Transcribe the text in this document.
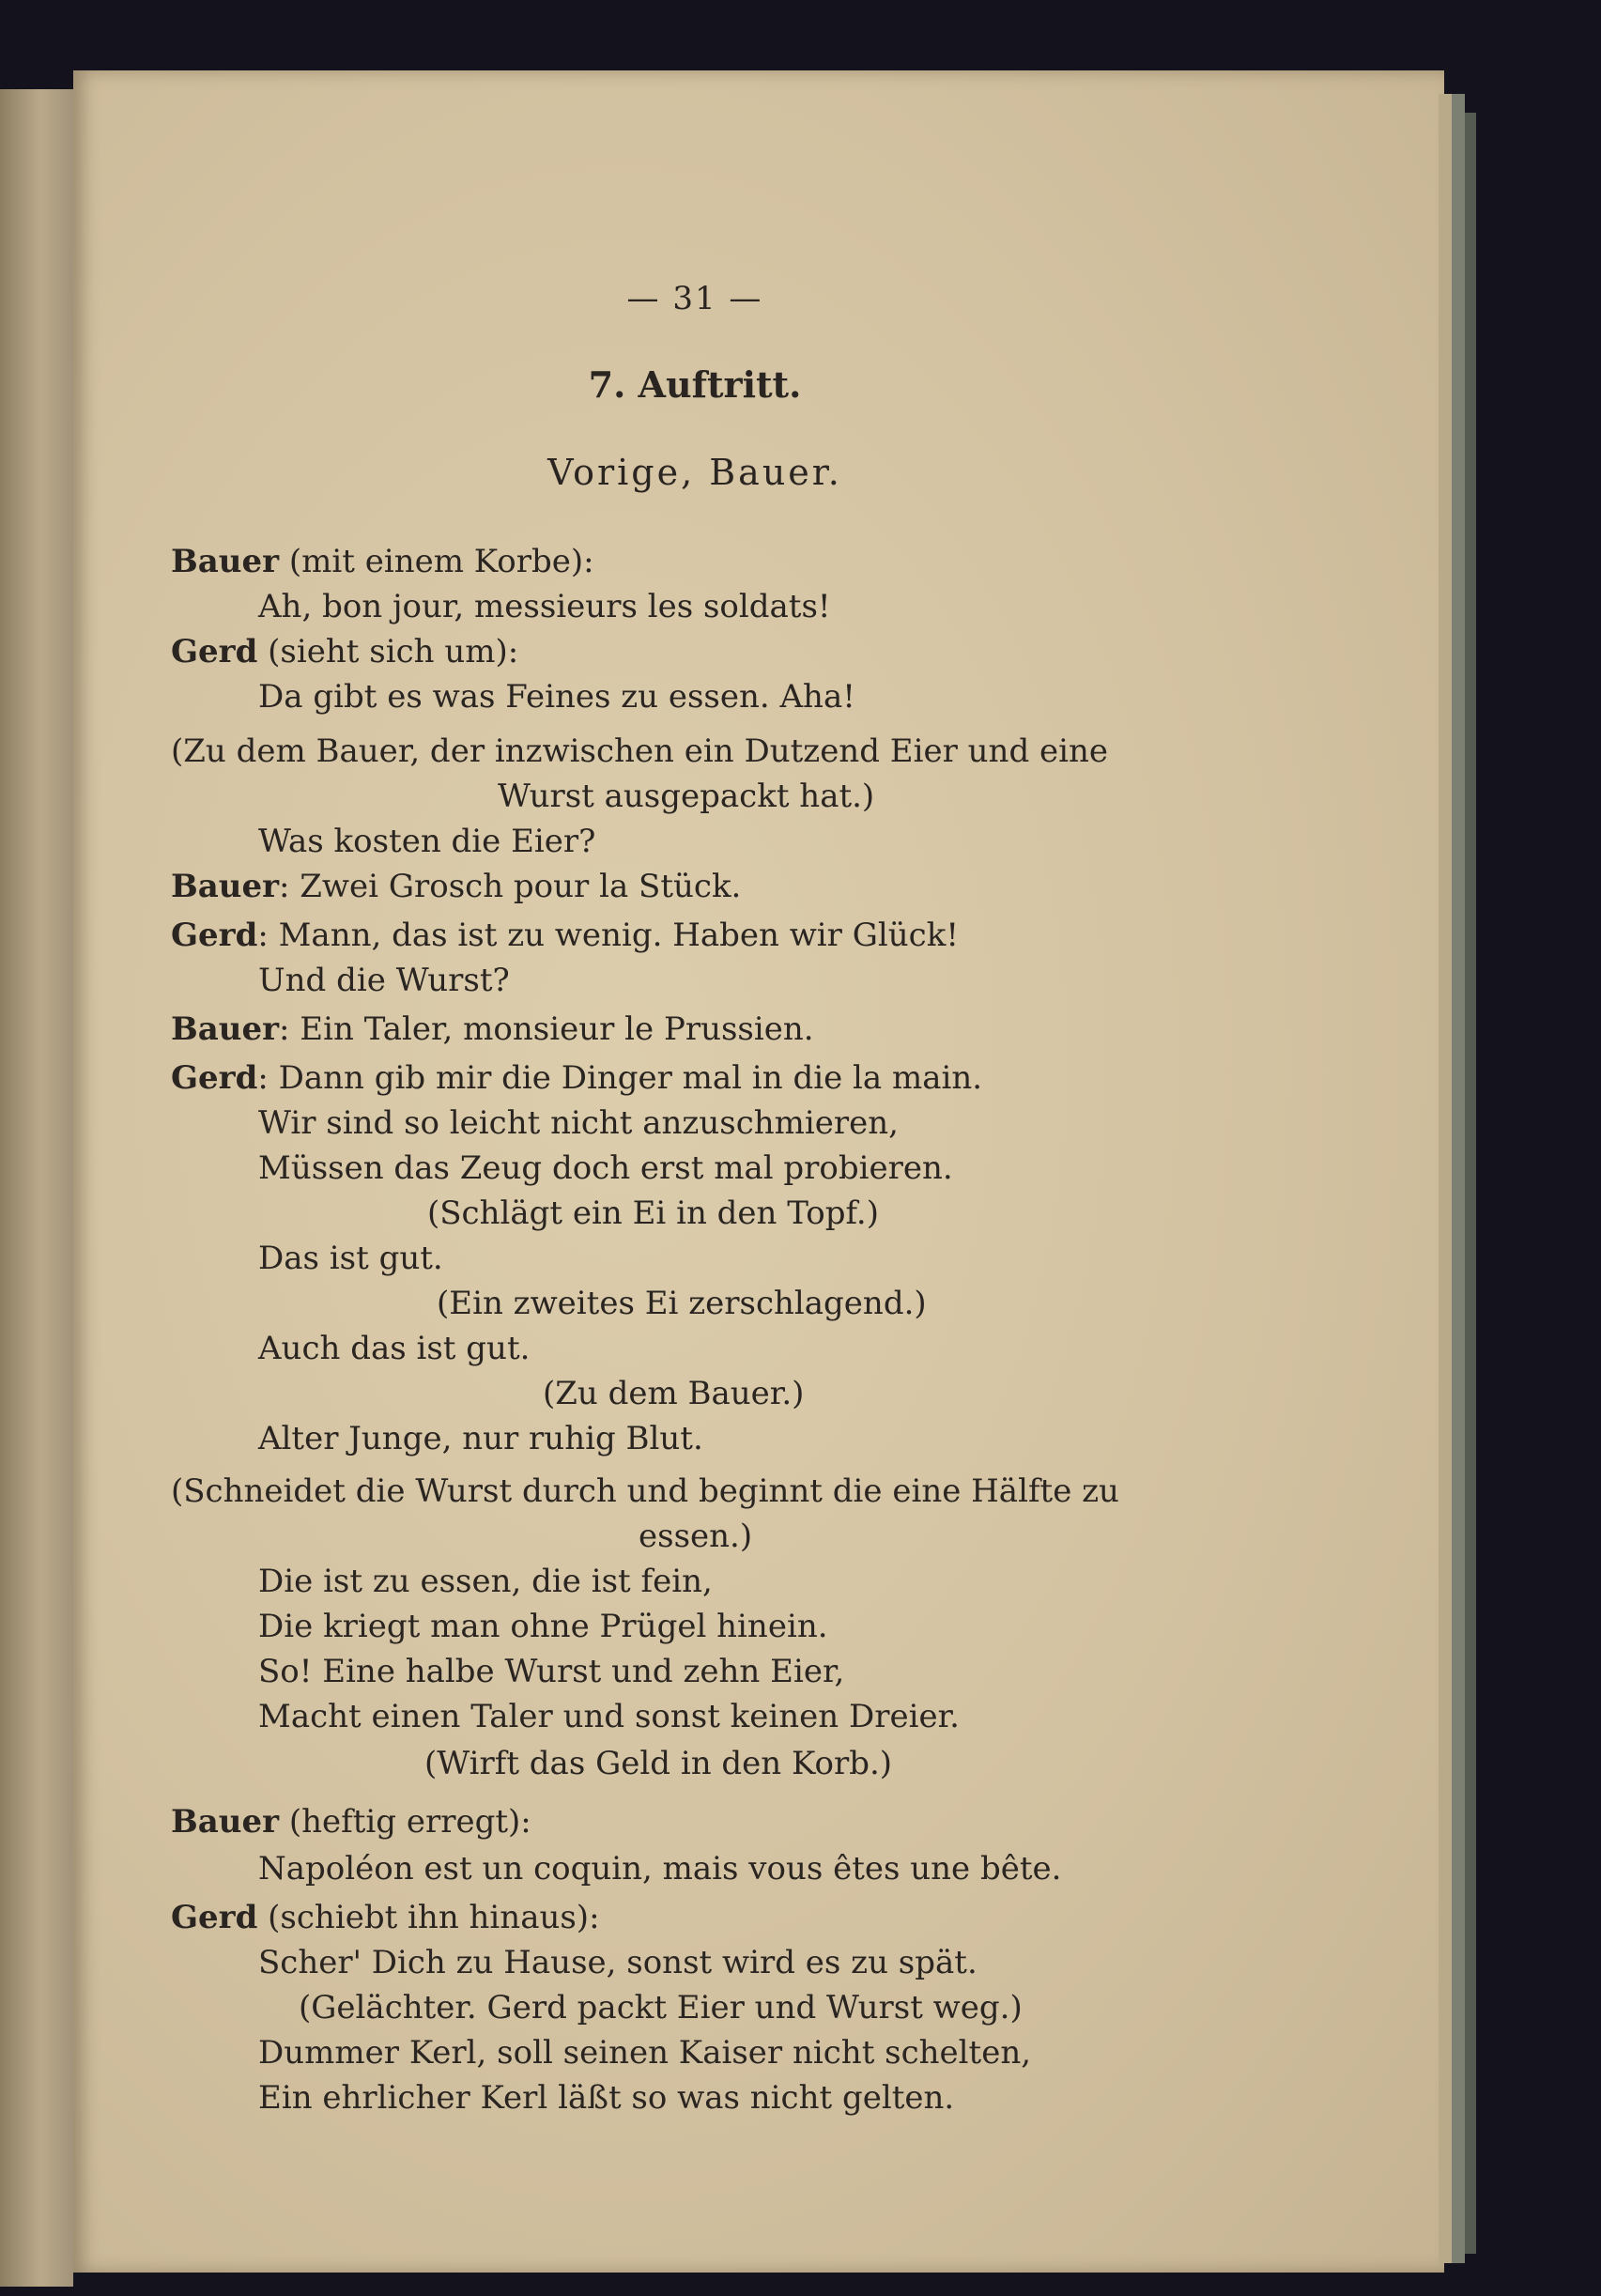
— 31 —
7. Auftritt.
Vorige, Bauer.
Bauer (mit einem Korbe):
Ah, bon jour, messieurs les soldats!
Gerd (sieht sich um):
Da gibt es was Feines zu essen. Aha!
(Zu dem Bauer, der inzwischen ein Dutzend Eier und eine
Wurst ausgepackt hat.)
Was kosten die Eier?
Bauer: Zwei Grosch pour la Stück.
Gerd: Mann, das ist zu wenig. Haben wir Glück!
Und die Wurst?
Bauer: Ein Taler, monsieur le Prussien.
Gerd: Dann gib mir die Dinger mal in die la main.
Wir sind so leicht nicht anzuschmieren,
Müssen das Zeug doch erst mal probieren.
(Schlägt ein Ei in den Topf.)
Das ist gut.
(Ein zweites Ei zerschlagend.)
Auch das ist gut.
(Zu dem Bauer.)
Alter Junge, nur ruhig Blut.
(Schneidet die Wurst durch und beginnt die eine Hälfte zu
essen.)
Die ist zu essen, die ist fein,
Die kriegt man ohne Prügel hinein.
So! Eine halbe Wurst und zehn Eier,
Macht einen Taler und sonst keinen Dreier.
(Wirft das Geld in den Korb.)
Bauer (heftig erregt):
Napoléon est un coquin, mais vous êtes une bête.
Gerd (schiebt ihn hinaus):
Scher' Dich zu Hause, sonst wird es zu spät.
(Gelächter. Gerd packt Eier und Wurst weg.)
Dummer Kerl, soll seinen Kaiser nicht schelten,
Ein ehrlicher Kerl läßt so was nicht gelten.
